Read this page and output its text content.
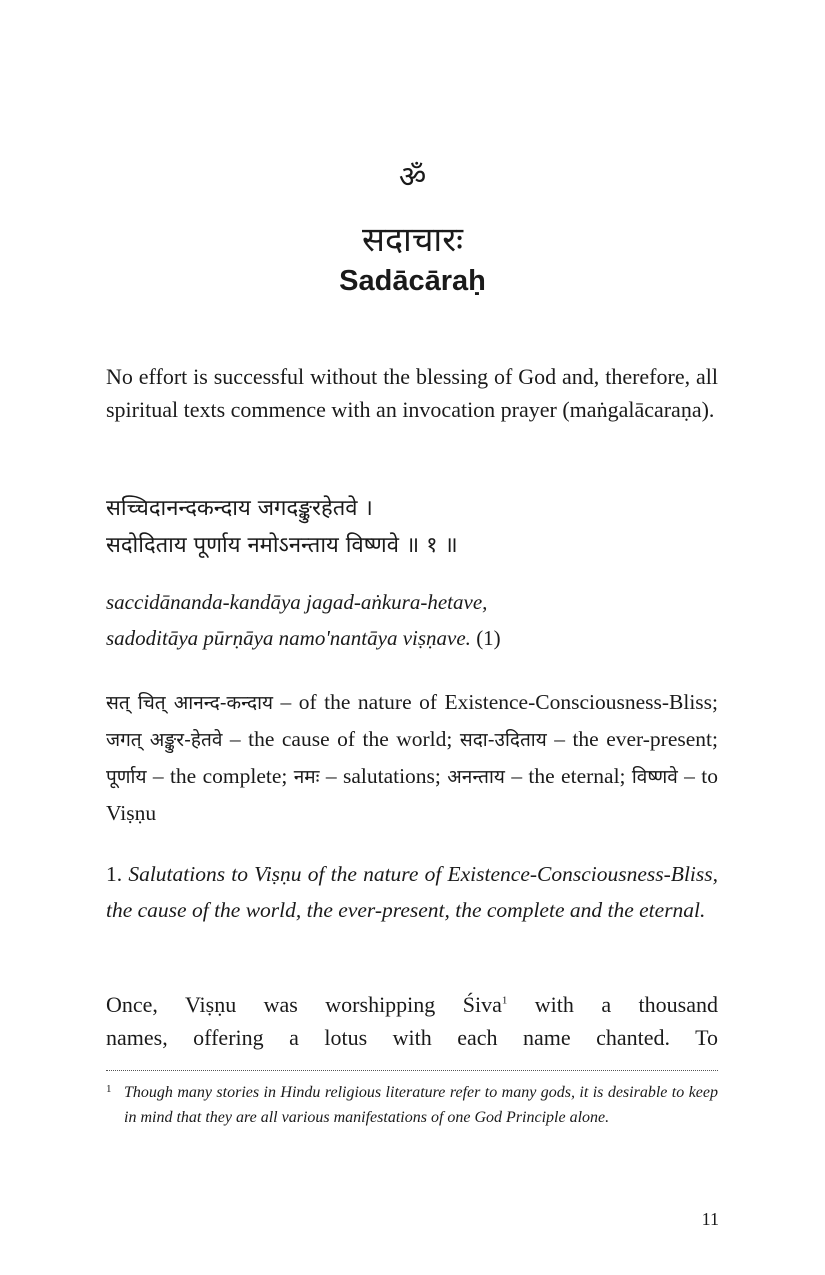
ॐ
सदाचारः
Sadācāraḥ

No effort is successful without the blessing of God and, therefore, all spiritual texts commence with an invocation prayer (maṅgalācaraṇa).

सच्चिदानन्दकन्दाय जगदङ्कुरहेतवे ।
सदोदिताय पूर्णाय नमोऽनन्ताय विष्णवे ॥ १ ॥
saccidānanda-kandāya jagad-aṅkura-hetave,
sadoditāya pūrṇāya namo'nantāya viṣṇave. (1)

सत् चित् आनन्द-कन्दाय – of the nature of Existence-Consciousness-Bliss; जगत् अङ्कुर-हेतवे – the cause of the world; सदा-उदिताय – the ever-present; पूर्णाय – the complete; नमः – salutations; अनन्ताय – the eternal; विष्णवे – to Viṣṇu

1. Salutations to Viṣṇu of the nature of Existence-Consciousness-Bliss, the cause of the world, the ever-present, the complete and the eternal.

Once, Viṣṇu was worshipping Śiva$^1$ with a thousand
names, offering a lotus with each name chanted. To
1 Though many stories in Hindu religious literature refer to many gods, it is desirable to keep in mind that they are all various manifestations of one God Principle alone.
11
